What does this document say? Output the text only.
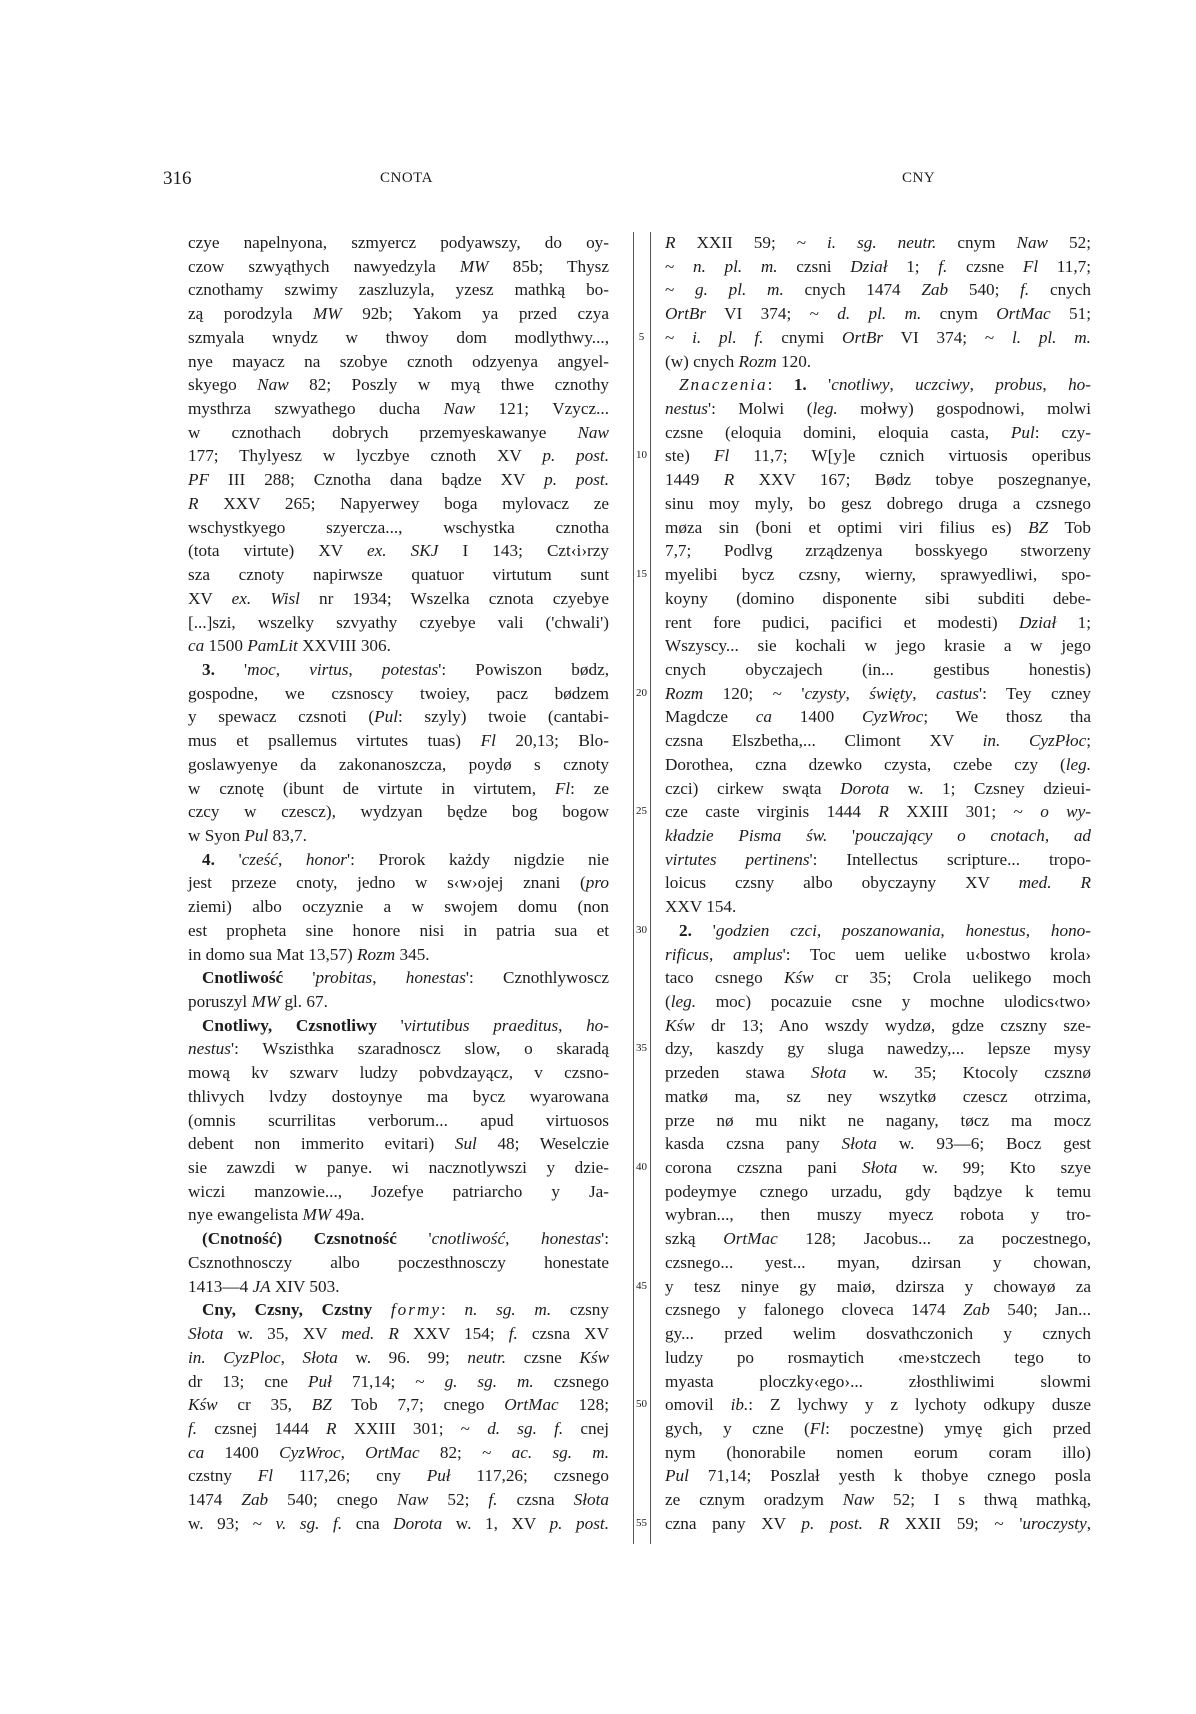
316	CNOTA	CNY
czye napelnyona, szmyercz podyawszy, do oy-
czow szwyąthych nawyedzyla MW 85b; Thysz
cznothamy szwimy zaszluzyla, yzesz mathką bo-
zą porodzyla MW 92b; Yakom ya przed czya
szmyala wnydz w thwoy dom modlythwy...,
nye mayacz na szobye cznoth odzyenya angyel-
skyego Naw 82; Poszly w myą thwe cznothy
mysthrza szwyathego ducha Naw 121; Vzycz...
w cznothach dobrych przemyeskawanye Naw
177; Thylyesz w lyczbye cznoth XV p. post.
PF III 288; Cznotha dana bądze XV p. post.
R XXV 265; Napyerwey boga mylovacz ze
wschystkyego szyercza..., wschystka cznotha
(tota virtute) XV ex. SKJ I 143; Czt‹i›rzy
sza cznoty napirwsze quatuor virtutum sunt
XV ex. Wisl nr 1934; Wszelka cznota czyebye
[...]szi, wszelky szvyathy czyebye vali ('chwali')
ca 1500 PamLit XXVIII 306.
3. 'moc, virtus, potestas': Powiszon bødz,
gospodne, we czsnoscy twoiey, pacz bødzem
y spewacz czsnoti (Pul: szyly) twoie (cantabi-
mus et psallemus virtutes tuas) Fl 20,13; Blo-
goslawyenye da zakonanoszcza, poydø s cznoty
w cznotę (ibunt de virtute in virtutem, Fl: ze
czcy w czescz), wydzyan będze bog bogow
w Syon Pul 83,7.
4. 'cześć, honor': Prorok każdy nigdzie nie
jest przeze cnoty, jedno w s‹w›ojej znani (pro
ziemi) albo oczyznie a w swojem domu (non
est propheta sine honore nisi in patria sua et
in domo sua Mat 13,57) Rozm 345.
Cnotliwość 'probitas, honestas': Cznothlywoscz
poruszyl MW gl. 67.
Cnotliwy, Czsnotliwy 'virtutibus praeditus, ho-
nestus': Wszisthka szaradnoscz slow, o skaradą
mową kv szwarv ludzy pobvdzayącz, v czsno-
thlivych lvdzy dostoynye ma bycz wyarowana
(omnis scurrilitas verborum... apud virtuosos
debent non immerito evitari) Sul 48; Weselczie
sie zawzdi w panye. wi nacznotlywszi y dzie-
wiczi manzowie..., Jozefye patriarcho y Ja-
nye ewangelista MW 49a.
(Cnotność) Czsnotność 'cnotliwość, honestas':
Csznothnosczy albo poczesthnosczy honestate
1413—4 JA XIV 503.
Cny, Czsny, Czstny formy: n. sg. m. czsny
Słota w. 35, XV med. R XXV 154; f. czsna XV
in. CyzPloc, Słota w. 96. 99; neutr. czsne Kśw
dr 13; cne Puł 71,14; ~ g. sg. m. czsnego
Kśw cr 35, BZ Tob 7,7; cnego OrtMac 128;
f. czsnej 1444 R XXIII 301; ~ d. sg. f. cnej
ca 1400 CyzWroc, OrtMac 82; ~ ac. sg. m.
czstny Fl 117,26; cny Puł 117,26; czsnego
1474 Zab 540; cnego Naw 52; f. czsna Słota
w. 93; ~ v. sg. f. cna Dorota w. 1, XV p. post.
5
10
15
20
25
30
35
40
45
50
55
R XXII 59; ~ i. sg. neutr. cnym Naw 52;
~ n. pl. m. czsni Dział 1; f. czsne Fl 11,7;
~ g. pl. m. cnych 1474 Zab 540; f. cnych
OrtBr VI 374; ~ d. pl. m. cnym OrtMac 51;
~ i. pl. f. cnymi OrtBr VI 374; ~ l. pl. m.
(w) cnych Rozm 120.
Znaczenia: 1. 'cnotliwy, uczciwy, probus, ho-
nestus': Molwi (leg. mołwy) gospodnowi, molwi
czsne (eloquia domini, eloquia casta, Pul: czy-
ste) Fl 11,7; W[y]e cznich virtuosis operibus
1449 R XXV 167; Bødz tobye poszegnanye,
sinu moy myly, bo gesz dobrego druga a czsnego
møza sin (boni et optimi viri filius es) BZ Tob
7,7; Podlvg zrządzenya bosskyego stworzeny
myelibi bycz czsny, wierny, sprawyedliwi, spo-
koyny (domino disponente sibi subditi debe-
rent fore pudici, pacifici et modesti) Dział 1;
Wszyscy... sie kochali w jego krasie a w jego
cnych obyczajech (in... gestibus honestis)
Rozm 120; ~ 'czysty, święty, castus': Tey czney
Magdcze ca 1400 CyzWroc; We thosz tha
czsna Elszbetha,... Climont XV in. CyzPłoc;
Dorothea, czna dzewko czysta, czebe czy (leg.
czci) cirkew swąta Dorota w. 1; Czsney dzieui-
cze caste virginis 1444 R XXIII 301; ~ o wy-
kładzie Pisma św. 'pouczający o cnotach, ad
virtutes pertinens': Intellectus scripture... tropo-
loicus czsny albo obyczayny XV med. R
XXV 154.
2. 'godzien czci, poszanowania, honestus, hono-
rificus, amplus': Toc uem uelike u‹bostwo krola›
taco csnego Kśw cr 35; Crola uelikego moch
(leg. moc) pocazuie csne y mochne ulodics‹two›
Kśw dr 13; Ano wszdy wydzø, gdze czszny sze-
dzy, kaszdy gy sluga nawedzy,... lepsze mysy
przeden stawa Słota w. 35; Ktocoly czsznø
matkø ma, sz ney wszytkø czescz otrzima,
prze nø mu nikt ne nagany, tøcz ma mocz
kasda czsna pany Słota w. 93—6; Bocz gest
corona czszna pani Słota w. 99; Kto szye
podeymye cznego urzadu, gdy bądzye k temu
wybran..., then muszy myecz robota y tro-
szką OrtMac 128; Jacobus... za poczestnego,
czsnego... yest... myan, dzirsan y chowan,
y tesz ninye gy maiø, dzirsza y chowayø za
czsnego y falonego cloveca 1474 Zab 540; Jan...
gy... przed welim dosvathczonich y cznych
ludzy po rosmaytich ‹me›stczech tego to
myasta ploczky‹ego›... złosthliwimi slowmi
omovil ib.: Z lychwy y z lychoty odkupy dusze
gych, y czne (Fl: poczestne) ymyę gich przed
nym (honorabile nomen eorum coram illo)
Pul 71,14; Poszlał yesth k thobye cznego posla
ze cznym oradzym Naw 52; I s thwą mathką,
czna pany XV p. post. R XXII 59; ~ 'uroczysty,
